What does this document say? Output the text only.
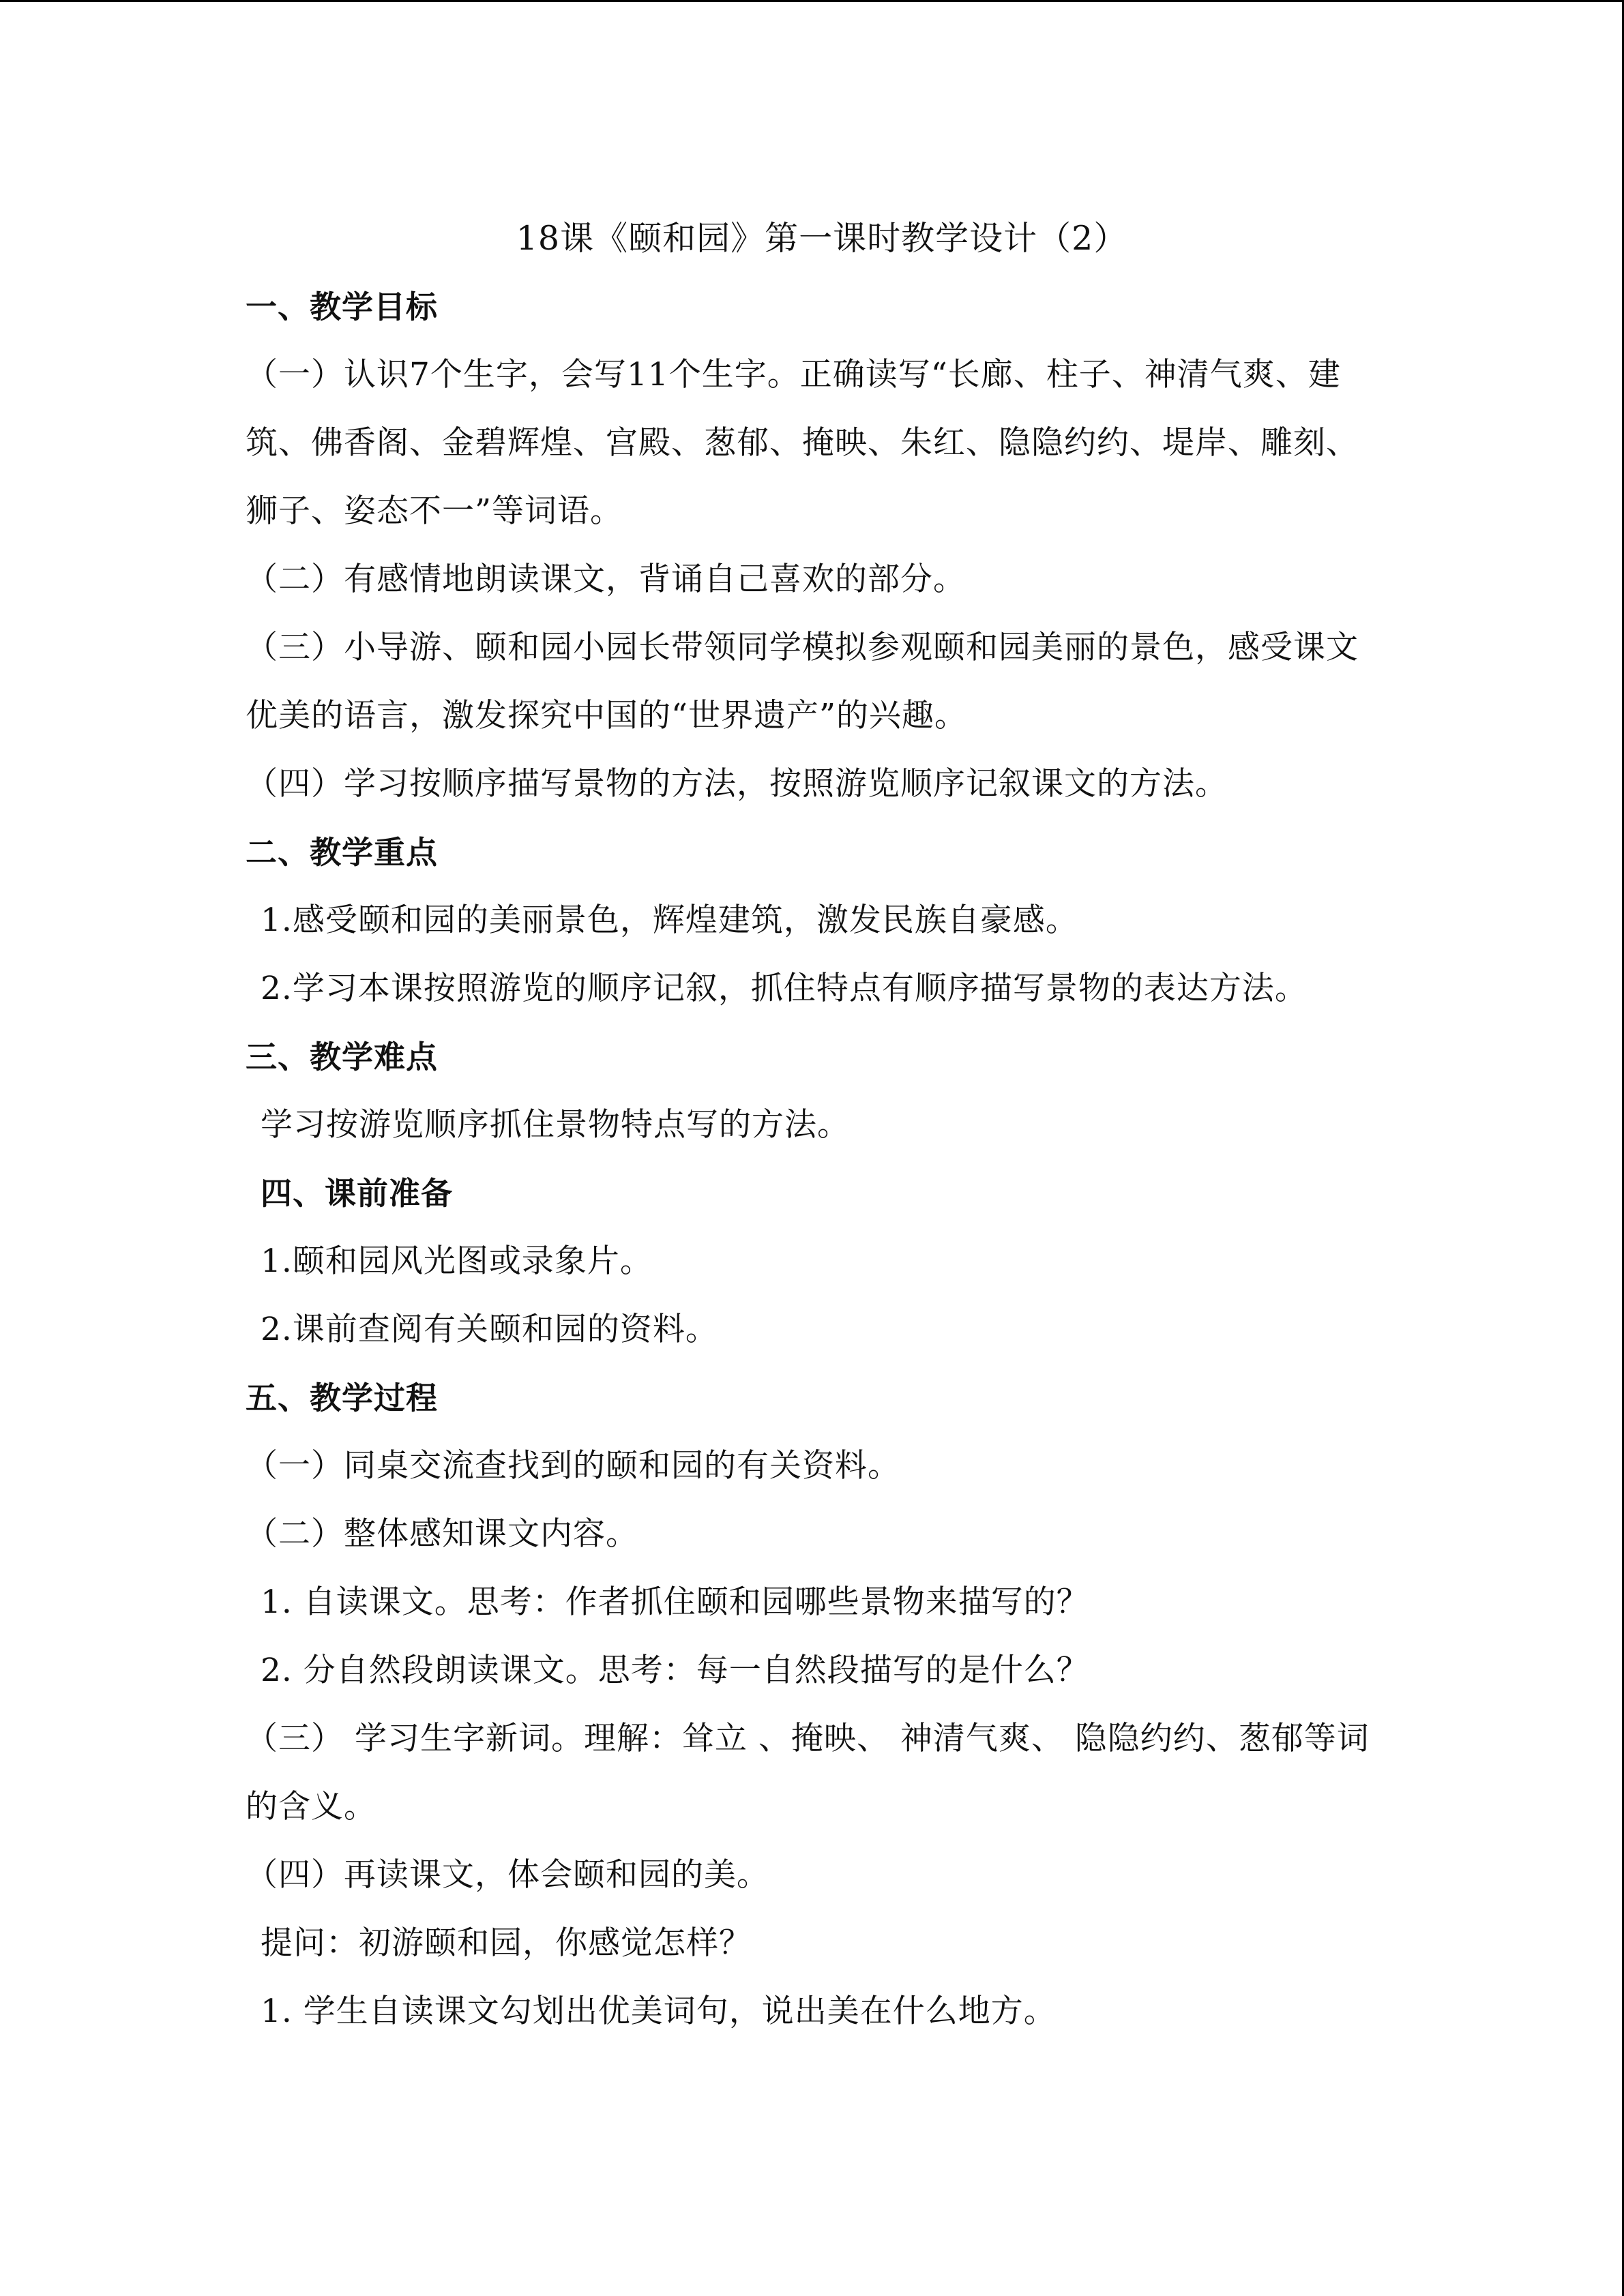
18课《颐和园》第一课时教学设计（2）

一、教学目标

（一）认识7个生字，会写11个生字。正确读写“长廊、柱子、神清气爽、建

筑、佛香阁、金碧辉煌、宫殿、葱郁、掩映、朱红、隐隐约约、堤岸、雕刻、

狮子、姿态不一”等词语。

（二）有感情地朗读课文，背诵自己喜欢的部分。

（三）小导游、颐和园小园长带领同学模拟参观颐和园美丽的景色，感受课文

优美的语言，激发探究中国的“世界遗产”的兴趣。

（四）学习按顺序描写景物的方法，按照游览顺序记叙课文的方法。

二、教学重点

1.感受颐和园的美丽景色，辉煌建筑，激发民族自豪感。

2.学习本课按照游览的顺序记叙，抓住特点有顺序描写景物的表达方法。

三、教学难点

学习按游览顺序抓住景物特点写的方法。

四、课前准备

1.颐和园风光图或录象片。

2.课前查阅有关颐和园的资料。

五、教学过程

（一）同桌交流查找到的颐和园的有关资料。

（二）整体感知课文内容。

1. 自读课文。思考：作者抓住颐和园哪些景物来描写的？

2. 分自然段朗读课文。思考：每一自然段描写的是什么？

（三） 学习生字新词。理解：耸立 、掩映、 神清气爽、 隐隐约约、葱郁等词

的含义。

（四）再读课文，体会颐和园的美。

提问：初游颐和园，你感觉怎样？

1. 学生自读课文勾划出优美词句，说出美在什么地方。
